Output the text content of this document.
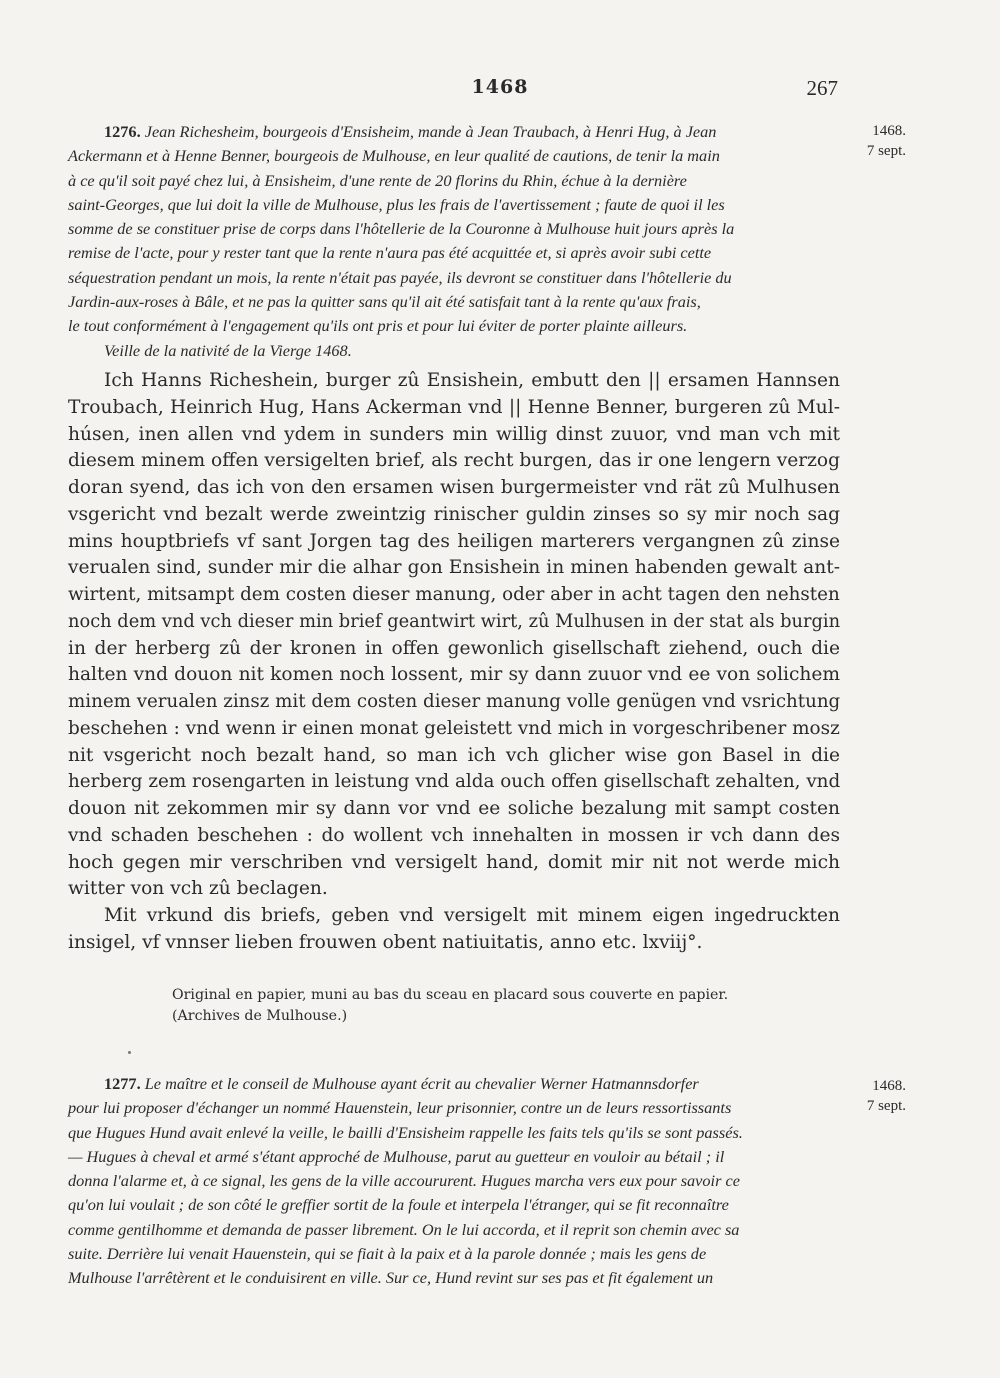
1468	267
1468.
7 sept.
1276. Jean Richesheim, bourgeois d'Ensisheim, mande à Jean Traubach, à Henri Hug, à Jean
Ackermann et à Henne Benner, bourgeois de Mulhouse, en leur qualité de cautions, de tenir la main
à ce qu'il soit payé chez lui, à Ensisheim, d'une rente de 20 florins du Rhin, échue à la dernière
saint-Georges, que lui doit la ville de Mulhouse, plus les frais de l'avertissement ; faute de quoi il les
somme de se constituer prise de corps dans l'hôtellerie de la Couronne à Mulhouse huit jours après la
remise de l'acte, pour y rester tant que la rente n'aura pas été acquittée et, si après avoir subi cette
séquestration pendant un mois, la rente n'était pas payée, ils devront se constituer dans l'hôtellerie du
Jardin-aux-roses à Bâle, et ne pas la quitter sans qu'il ait été satisfait tant à la rente qu'aux frais,
le tout conformément à l'engagement qu'ils ont pris et pour lui éviter de porter plainte ailleurs.
Veille de la nativité de la Vierge 1468.
Ich Hanns Richeshein, burger zû Ensishein, embutt den || ersamen Hannsen
Troubach, Heinrich Hug, Hans Ackerman vnd || Henne Benner, burgeren zû Mul-
húsen, inen allen vnd ydem in sunders min willig dinst zuuor, vnd man vch mit
diesem minem offen versigelten brief, als recht burgen, das ir one lengern verzog
doran syend, das ich von den ersamen wisen burgermeister vnd rät zû Mulhusen
vsgericht vnd bezalt werde zweintzig rinischer guldin zinses so sy mir noch sag
mins houptbriefs vf sant Jorgen tag des heiligen marterers vergangnen zû zinse
verualen sind, sunder mir die alhar gon Ensishein in minen habenden gewalt ant-
wirtent, mitsampt dem costen dieser manung, oder aber in acht tagen den nehsten
noch dem vnd vch dieser min brief geantwirt wirt, zû Mulhusen in der stat als burgin
in der herberg zû der kronen in offen gewonlich gisellschaft ziehend, ouch die
halten vnd douon nit komen noch lossent, mir sy dann zuuor vnd ee von solichem
minem verualen zinsz mit dem costen dieser manung volle genügen vnd vsrichtung
beschehen : vnd wenn ir einen monat geleistett vnd mich in vorgeschribener mosz
nit vsgericht noch bezalt hand, so man ich vch glicher wise gon Basel in die
herberg zem rosengarten in leistung vnd alda ouch offen gisellschaft zehalten, vnd
douon nit zekommen mir sy dann vor vnd ee soliche bezalung mit sampt costen
vnd schaden beschehen : do wollent vch innehalten in mossen ir vch dann des
hoch gegen mir verschriben vnd versigelt hand, domit mir nit not werde mich
witter von vch zû beclagen.
Mit vrkund dis briefs, geben vnd versigelt mit minem eigen ingedruckten
insigel, vf vnnser lieben frouwen obent natiuitatis, anno etc. lxviij°.
Original en papier, muni au bas du sceau en placard sous couverte en papier.
(Archives de Mulhouse.)
1468.
7 sept.
1277. Le maître et le conseil de Mulhouse ayant écrit au chevalier Werner Hatmannsdorfer
pour lui proposer d'échanger un nommé Hauenstein, leur prisonnier, contre un de leurs ressortissants
que Hugues Hund avait enlevé la veille, le bailli d'Ensisheim rappelle les faits tels qu'ils se sont passés.
— Hugues à cheval et armé s'étant approché de Mulhouse, parut au guetteur en vouloir au bétail ; il
donna l'alarme et, à ce signal, les gens de la ville accoururent. Hugues marcha vers eux pour savoir ce
qu'on lui voulait ; de son côté le greffier sortit de la foule et interpela l'étranger, qui se fit reconnaître
comme gentilhomme et demanda de passer librement. On le lui accorda, et il reprit son chemin avec sa
suite. Derrière lui venait Hauenstein, qui se fiait à la paix et à la parole donnée ; mais les gens de
Mulhouse l'arrêtèrent et le conduisirent en ville. Sur ce, Hund revint sur ses pas et fit également un
